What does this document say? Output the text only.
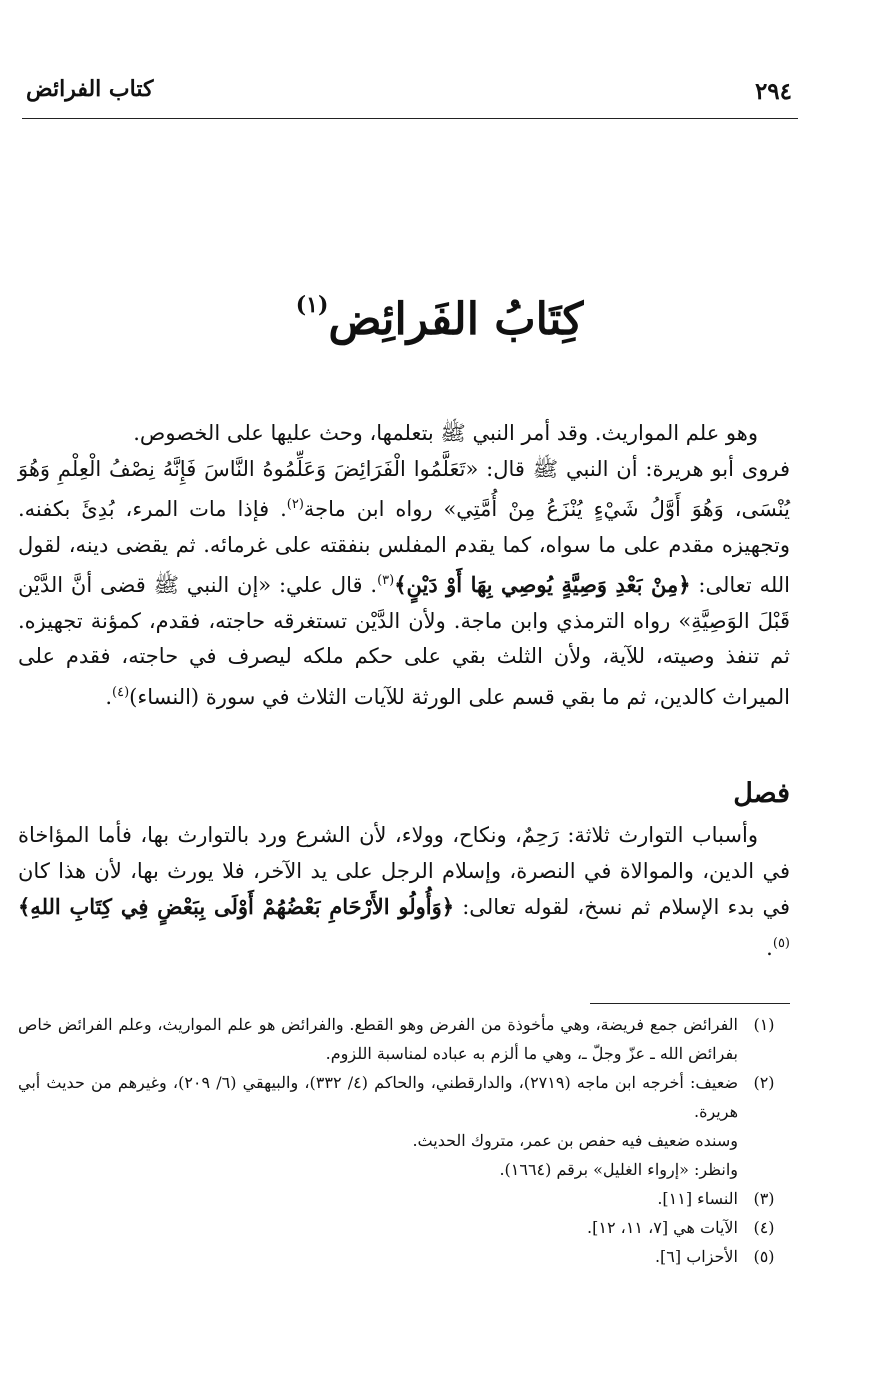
٢٩٤
كتاب الفرائض
كِتَابُ الفَرائِض$^{(١)}$

وهو علم المواريث. وقد أمر النبي ﷺ بتعلمها، وحث عليها على الخصوص.

فروى أبو هريرة: أن النبي ﷺ قال: «تَعَلَّمُوا الْفَرَائِضَ وَعَلِّمُوهُ النَّاسَ فَإِنَّهُ نِصْفُ الْعِلْمِ وَهُوَ يُنْسَى، وَهُوَ أَوَّلُ شَيْءٍ يُنْزَعُ مِنْ أُمَّتِي» رواه ابن ماجة$^{(٢)}$. فإذا مات المرء، بُدِئَ بكفنه. وتجهيزه مقدم على ما سواه، كما يقدم المفلس بنفقته على غرمائه. ثم يقضى دينه، لقول الله تعالى: ﴿مِنْ بَعْدِ وَصِيَّةٍ يُوصِي بِهَا أَوْ دَيْنٍ﴾$^{(٣)}$. قال علي: «إن النبي ﷺ قضى أنَّ الدَّيْن قَبْلَ الوَصِيَّةِ» رواه الترمذي وابن ماجة. ولأن الدَّيْن تستغرقه حاجته، فقدم، كمؤنة تجهيزه. ثم تنفذ وصيته، للآية، ولأن الثلث بقي على حكم ملكه ليصرف في حاجته، فقدم على الميراث كالدين، ثم ما بقي قسم على الورثة للآيات الثلاث في سورة (النساء)$^{(٤)}$.

فصل
وأسباب التوارث ثلاثة: رَحِمٌ، ونكاح، وولاء، لأن الشرع ورد بالتوارث بها، فأما المؤاخاة في الدين، والموالاة في النصرة، وإسلام الرجل على يد الآخر، فلا يورث بها، لأن هذا كان في بدء الإسلام ثم نسخ، لقوله تعالى: ﴿وَأُولُو الأَرْحَامِ بَعْضُهُمْ أَوْلَى بِبَعْضٍ فِي كِتَابِ اللهِ﴾$^{(٥)}$.
(١)
الفرائض جمع فريضة، وهي مأخوذة من الفرض وهو القطع. والفرائض هو علم المواريث، وعلم الفرائض خاص بفرائض الله ـ عزّ وجلّ ـ، وهي ما ألزم به عباده لمناسبة اللزوم.
(٢)
ضعيف: أخرجه ابن ماجه (٢٧١٩)، والدارقطني، والحاكم (٤/ ٣٣٢)، والبيهقي (٦/ ٢٠٩)، وغيرهم من حديث أبي هريرة.
وسنده ضعيف فيه حفص بن عمر، متروك الحديث.
وانظر: «إرواء الغليل» برقم (١٦٦٤).
(٣)
النساء [١١].
(٤)
الآيات هي [٧، ١١، ١٢].
(٥)
الأحزاب [٦].
